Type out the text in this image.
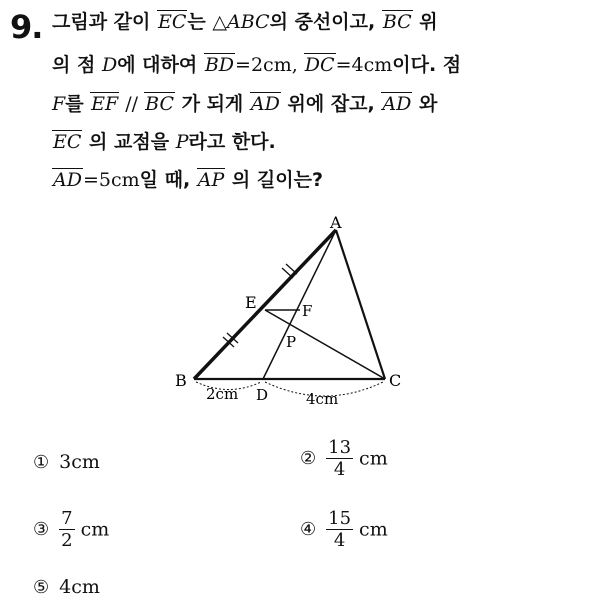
9. 그림과 같이 EC는 △ABC의 중선이고, BC 위
의 점 D에 대하여 BD=2cm, DC=4cm이다. 점
F를 EF // BC 가 되게 AD 위에 잡고, AD 와
EC 의 교점을 P라고 한다.
AD=5cm일 때, AP 의 길이는?
A
B	C
D
E	F
P
2cm	4cm
① 3cm	② $\frac{13}{4}$ cm
③ $\frac{7}{2}$ cm	④ $\frac{15}{4}$ cm
⑤ 4cm
